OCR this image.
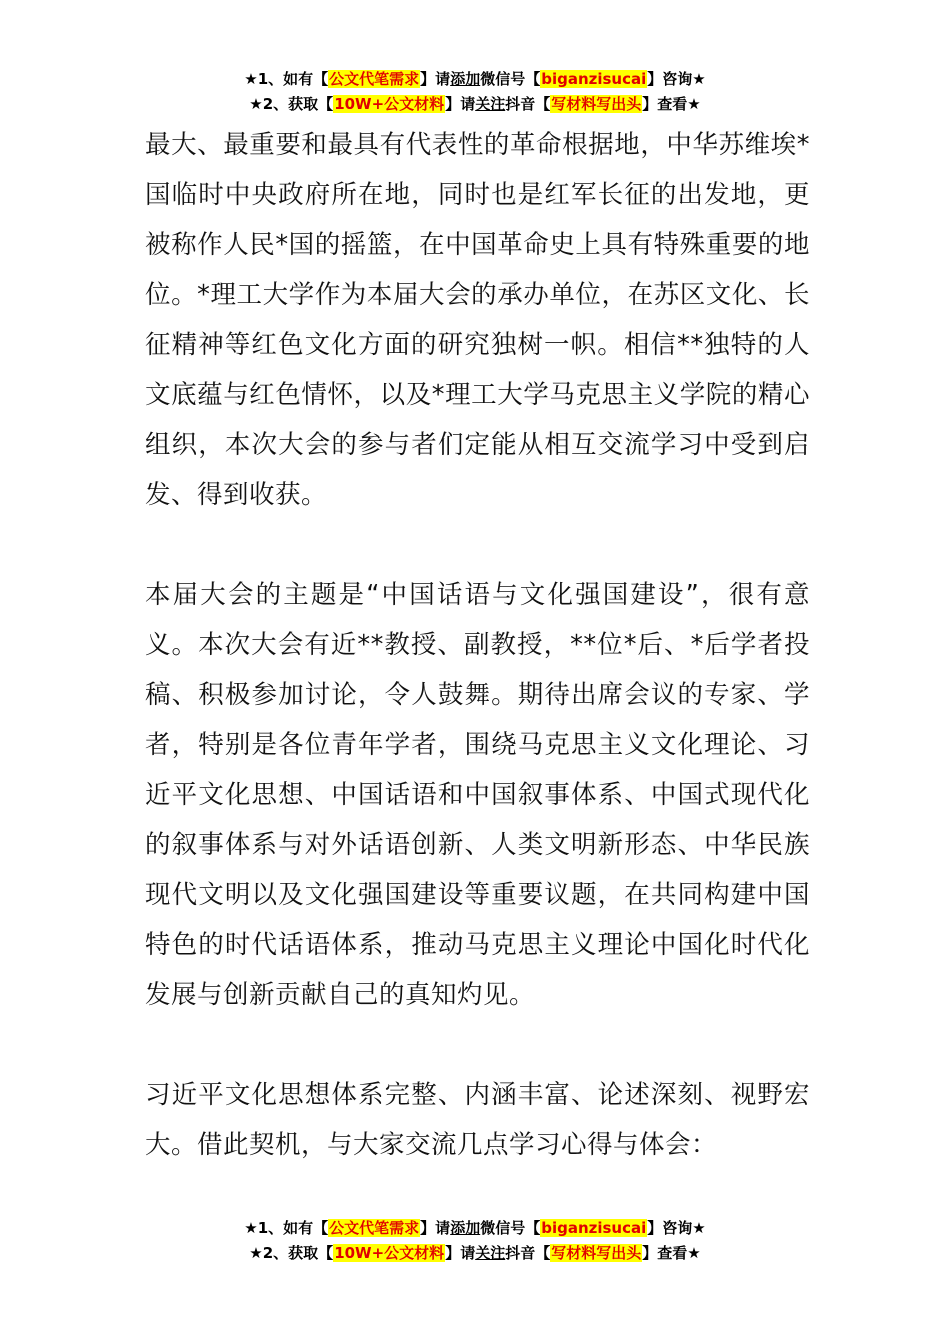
★1、如有【公文代笔需求】请添加微信号【biganzisucai】咨询★
★2、获取【10W+公文材料】请关注抖音【写材料写出头】查看★

最大、最重要和最具有代表性的革命根据地，中华苏维埃*国临时中央政府所在地，同时也是红军长征的出发地，更被称作人民*国的摇篮，在中国革命史上具有特殊重要的地位。*理工大学作为本届大会的承办单位，在苏区文化、长征精神等红色文化方面的研究独树一帜。相信**独特的人文底蕴与红色情怀，以及*理工大学马克思主义学院的精心组织，本次大会的参与者们定能从相互交流学习中受到启发、得到收获。

本届大会的主题是“中国话语与文化强国建设”，很有意义。本次大会有近**教授、副教授，**位*后、*后学者投稿、积极参加讨论，令人鼓舞。期待出席会议的专家、学者，特别是各位青年学者，围绕马克思主义文化理论、习近平文化思想、中国话语和中国叙事体系、中国式现代化的叙事体系与对外话语创新、人类文明新形态、中华民族现代文明以及文化强国建设等重要议题，在共同构建中国特色的时代话语体系，推动马克思主义理论中国化时代化发展与创新贡献自己的真知灼见。

习近平文化思想体系完整、内涵丰富、论述深刻、视野宏大。借此契机，与大家交流几点学习心得与体会：

★1、如有【公文代笔需求】请添加微信号【biganzisucai】咨询★
★2、获取【10W+公文材料】请关注抖音【写材料写出头】查看★
